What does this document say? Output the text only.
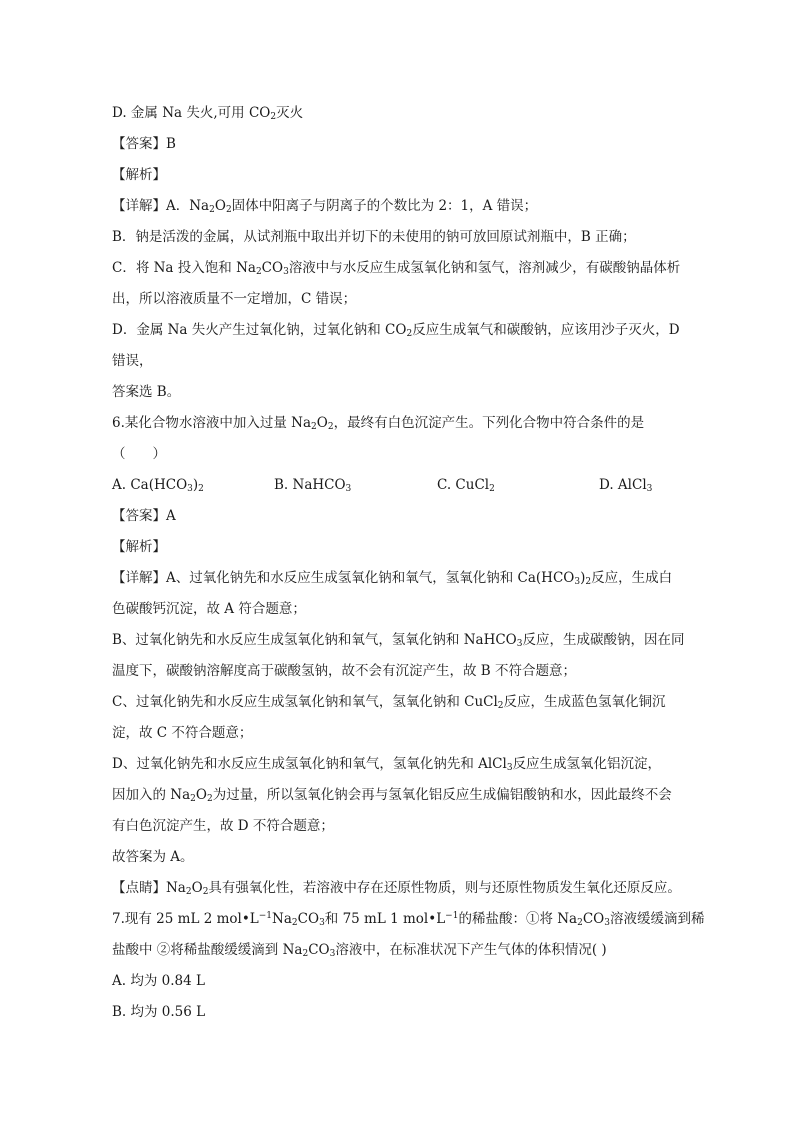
D. 金属 Na 失火,可用 $CO_2$灭火
【答案】B
【解析】
【详解】A．$Na_2O_2$固体中阳离子与阴离子的个数比为 2：1，A 错误；
B．钠是活泼的金属，从试剂瓶中取出并切下的未使用的钠可放回原试剂瓶中，B 正确；
C．将 Na 投入饱和 $Na_2CO_3$溶液中与水反应生成氢氧化钠和氢气，溶剂减少，有碳酸钠晶体析
出，所以溶液质量不一定增加，C 错误；
D．金属 Na 失火产生过氧化钠，过氧化钠和 $CO_2$反应生成氧气和碳酸钠，应该用沙子灭火，D
错误，
答案选 B。
6.某化合物水溶液中加入过量 $Na_2O_2$，最终有白色沉淀产生。下列化合物中符合条件的是
（　　）
【答案】A
【解析】
【详解】A、过氧化钠先和水反应生成氢氧化钠和氧气，氢氧化钠和 $Ca(HCO_3)_2$反应，生成白
色碳酸钙沉淀，故 A 符合题意；
B、过氧化钠先和水反应生成氢氧化钠和氧气，氢氧化钠和 NaHCO$_3$反应，生成碳酸钠，因在同
温度下，碳酸钠溶解度高于碳酸氢钠，故不会有沉淀产生，故 B 不符合题意；
C、过氧化钠先和水反应生成氢氧化钠和氧气，氢氧化钠和 CuCl$_2$反应，生成蓝色氢氧化铜沉
淀，故 C 不符合题意；
D、过氧化钠先和水反应生成氢氧化钠和氧气，氢氧化钠先和 AlCl$_3$反应生成氢氧化铝沉淀，
因加入的 $Na_2O_2$为过量，所以氢氧化钠会再与氢氧化铝反应生成偏铝酸钠和水，因此最终不会
有白色沉淀产生，故 D 不符合题意；
故答案为 A。
【点睛】$Na_2O_2$具有强氧化性，若溶液中存在还原性物质，则与还原性物质发生氧化还原反应。
7.现有 25 mL 2 $mol•L^{-1}Na_2CO_3$和 75 mL 1 $mol•L^{-1}$的稀盐酸：①将 $Na_2CO_3$溶液缓缓滴到稀
盐酸中 ②将稀盐酸缓缓滴到 $Na_2CO_3$溶液中，在标准状况下产生气体的体积情况( )
A. 均为 0.84 L
B. 均为 0.56 L
A. $Ca(HCO_3)_2$	B. NaHCO$_3$	C. CuCl$_2$	D. AlCl$_3$
